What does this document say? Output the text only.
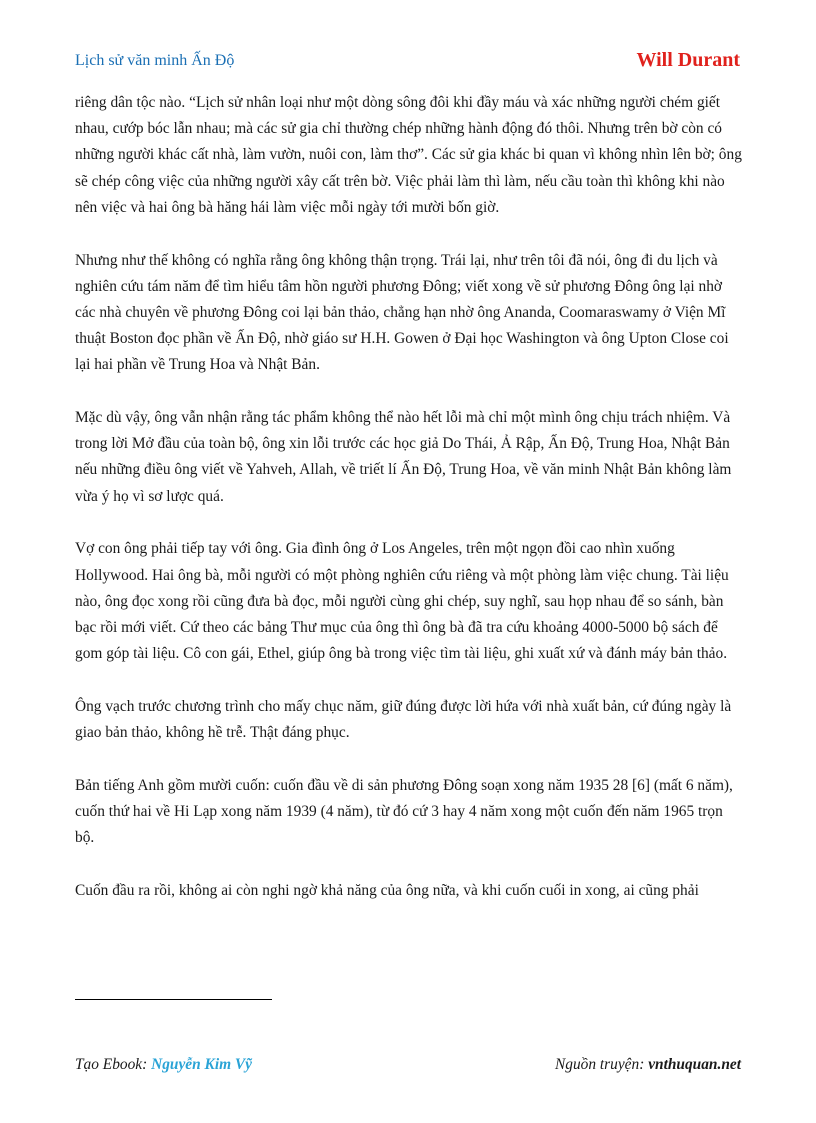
Lịch sử văn minh Ấn Độ	Will Durant

riêng dân tộc nào. “Lịch sử nhân loại như một dòng sông đôi khi đầy máu và xác những người chém giết nhau, cướp bóc lẫn nhau; mà các sử gia chỉ thường chép những hành động đó thôi. Nhưng trên bờ còn có những người khác cất nhà, làm vườn, nuôi con, làm thơ”. Các sử gia khác bi quan vì không nhìn lên bờ; ông sẽ chép công việc của những người xây cất trên bờ. Việc phải làm thì làm, nếu cầu toàn thì không khi nào nên việc và hai ông bà hăng hái làm việc mỗi ngày tới mười bốn giờ.

Nhưng như thế không có nghĩa rằng ông không thận trọng. Trái lại, như trên tôi đã nói, ông đi du lịch và nghiên cứu tám năm để tìm hiểu tâm hồn người phương Đông; viết xong về sử phương Đông ông lại nhờ các nhà chuyên về phương Đông coi lại bản thảo, chẳng hạn nhờ ông Ananda, Coomaraswamy ở Viện Mĩ thuật Boston đọc phần về Ấn Độ, nhờ giáo sư H.H. Gowen ở Đại học Washington và ông Upton Close coi lại hai phần về Trung Hoa và Nhật Bản.

Mặc dù vậy, ông vẫn nhận rằng tác phẩm không thể nào hết lỗi mà chỉ một mình ông chịu trách nhiệm. Và trong lời Mở đầu của toàn bộ, ông xin lỗi trước các học giả Do Thái, Ả Rập, Ấn Độ, Trung Hoa, Nhật Bản nếu những điều ông viết về Yahveh, Allah, về triết lí Ấn Độ, Trung Hoa, về văn minh Nhật Bản không làm vừa ý họ vì sơ lược quá.

Vợ con ông phải tiếp tay với ông. Gia đình ông ở Los Angeles, trên một ngọn đồi cao nhìn xuống Hollywood. Hai ông bà, mỗi người có một phòng nghiên cứu riêng và một phòng làm việc chung. Tài liệu nào, ông đọc xong rồi cũng đưa bà đọc, mỗi người cùng ghi chép, suy nghĩ, sau họp nhau để so sánh, bàn bạc rồi mới viết. Cứ theo các bảng Thư mục của ông thì ông bà đã tra cứu khoảng 4000-5000 bộ sách để gom góp tài liệu. Cô con gái, Ethel, giúp ông bà trong việc tìm tài liệu, ghi xuất xứ và đánh máy bản thảo.

Ông vạch trước chương trình cho mấy chục năm, giữ đúng được lời hứa với nhà xuất bản, cứ đúng ngày là giao bản thảo, không hề trễ. Thật đáng phục.

Bản tiếng Anh gồm mười cuốn: cuốn đầu về di sản phương Đông soạn xong năm 1935 28 [6] (mất 6 năm), cuốn thứ hai về Hi Lạp xong năm 1939 (4 năm), từ đó cứ 3 hay 4 năm xong một cuốn đến năm 1965 trọn bộ.

Cuốn đầu ra rồi, không ai còn nghi ngờ khả năng của ông nữa, và khi cuốn cuối in xong, ai cũng phải

Tạo Ebook: Nguyễn Kim Vỹ	Nguồn truyện: vnthuquan.net
